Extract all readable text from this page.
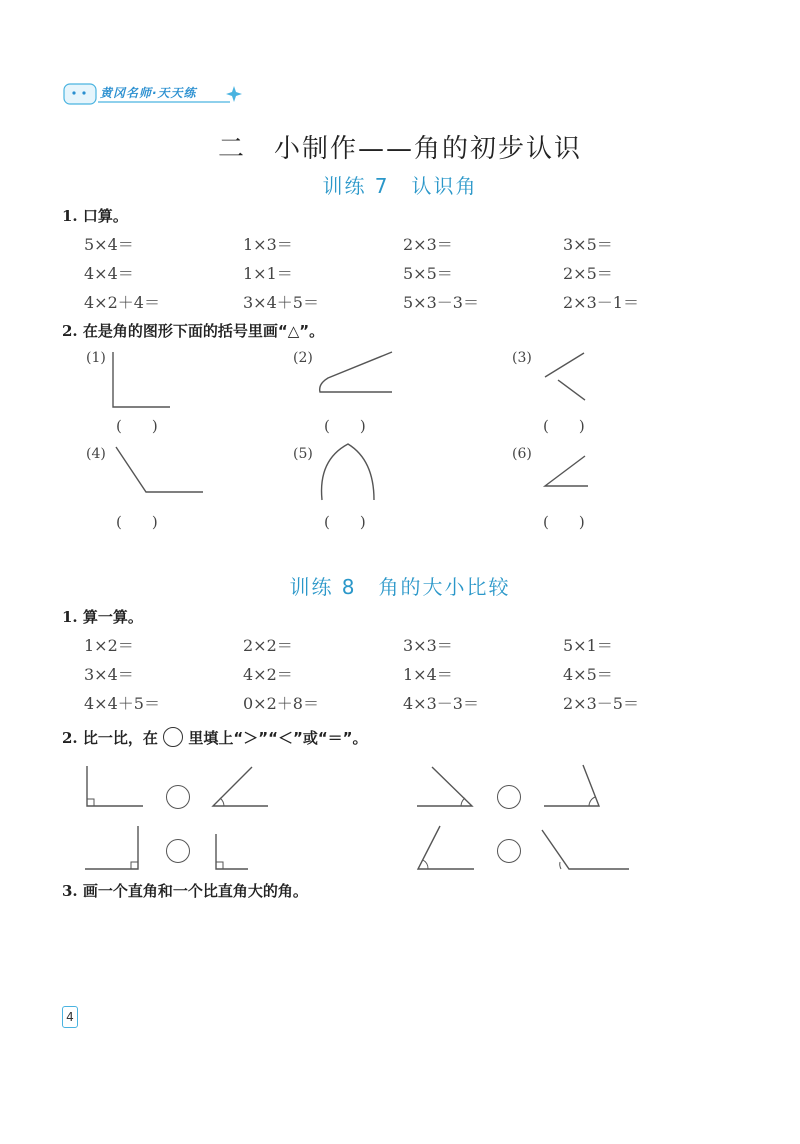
黄冈名师·天天练
二　小制作——角的初步认识
训练 7　认识角
1. 口算。
5×4＝	1×3＝	2×3＝	3×5＝
4×4＝	1×1＝	5×5＝	2×5＝
4×2＋4＝	3×4＋5＝	5×3－3＝	2×3－1＝
2. 在是角的图形下面的括号里画“△”。
(1)	(2)	(3)
(4)	(5)	(6)
(　　)	(　　)	(　　)
(　　)	(　　)	(　　)
训练 8　角的大小比较
1. 算一算。
1×2＝	2×2＝	3×3＝	5×1＝
3×4＝	4×2＝	1×4＝	4×5＝
4×4＋5＝	0×2＋8＝	4×3－3＝	2×3－5＝
2. 比一比，在 里填上“＞”“＜”或“＝”。
3. 画一个直角和一个比直角大的角。
4
